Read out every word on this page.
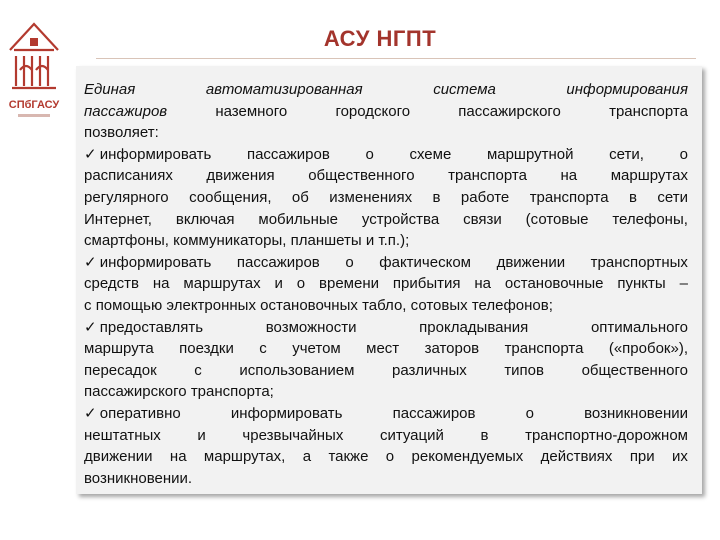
СПбГАСУ
АСУ НГПТ
Единая	автоматизированная	система	информирования
пассажиров	наземного	городского	пассажирского	транспорта
позволяет:
✓ информировать пассажиров о схеме маршрутной сети, о
расписаниях движения общественного транспорта на маршрутах
регулярного сообщения, об изменениях в работе транспорта в сети
Интернет, включая мобильные устройства связи (сотовые телефоны,
смартфоны, коммуникаторы, планшеты и т.п.);
✓ информировать пассажиров о фактическом движении транспортных
средств на маршрутах и о времени прибытия на остановочные пункты –
с помощью электронных остановочных табло, сотовых телефонов;
✓ предоставлять	возможности	прокладывания	оптимального
маршрута поездки с учетом мест заторов транспорта («пробок»),
пересадок	с	использованием	различных	типов	общественного
пассажирского транспорта;
✓ оперативно	информировать	пассажиров	о	возникновении
нештатных и чрезвычайных ситуаций в транспортно-дорожном
движении на маршрутах, а также о рекомендуемых действиях при их
возникновении.
